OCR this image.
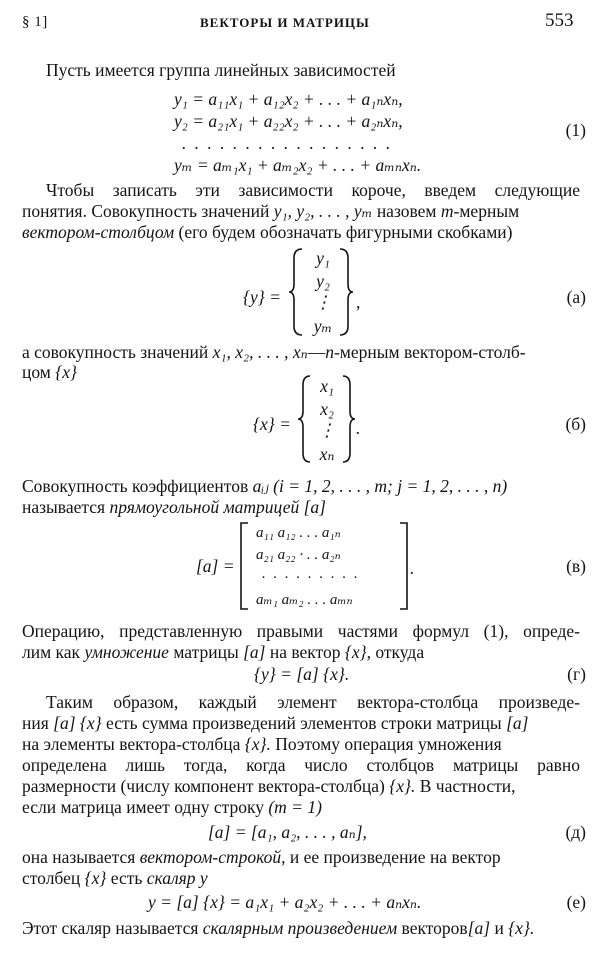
§ 1]	ВЕКТОРЫ И МАТРИЦЫ	553
Пусть имеется группа линейных зависимостей
y₁ = a₁₁x₁ + a₁₂x₂ + . . . + a₁ₙxₙ,
y₂ = a₂₁x₁ + a₂₂x₂ + . . . + a₂ₙxₙ,
. . . . . . . . . . . . . . . . .
yₘ = aₘ₁x₁ + aₘ₂x₂ + . . . + aₘₙxₙ.
(1)
Чтобы записать эти зависимости короче, введем следующие
понятия. Совокупность значений y₁, y₂, . . . , yₘ назовем m-мерным
вектором-столбцом (его будем обозначать фигурными скобками)
{y} =
y₁
y₂
⋮
yₘ
,	(а)
а совокупность значений x₁, x₂, . . . , xₙ—n-мерным вектором-столб-
цом {x}
{x} =
x₁
x₂
⋮
xₙ
.	(б)
Совокупность коэффициентов aᵢⱼ (i = 1, 2, . . . , m; j = 1, 2, . . . , n)
называется прямоугольной матрицей [a]
[a] =
a₁₁ a₁₂ . . . a₁ₙ
a₂₁ a₂₂ · . . a₂ₙ
. . . . . . . . .
aₘ₁ aₘ₂ . . . aₘₙ
.	(в)
Операцию, представленную правыми частями формул (1), опреде-
лим как умножение матрицы [a] на вектор {x}, откуда
{y} = [a] {x}.	(г)
Таким образом, каждый элемент вектора-столбца произведе-
ния [a] {x} есть сумма произведений элементов строки матрицы [a]
на элементы вектора-столбца {x}. Поэтому операция умножения
определена лишь тогда, когда число столбцов матрицы равно
размерности (числу компонент вектора-столбца) {x}. В частности,
если матрица имеет одну строку (m = 1)
[a] = [a₁, a₂, . . . , aₙ],	(д)
она называется вектором-строкой, и ее произведение на вектор
столбец {x} есть скаляр y
y = [a] {x} = a₁x₁ + a₂x₂ + . . . + aₙxₙ.	(е)
Этот скаляр называется скалярным произведением векторов[a] и {x}.
